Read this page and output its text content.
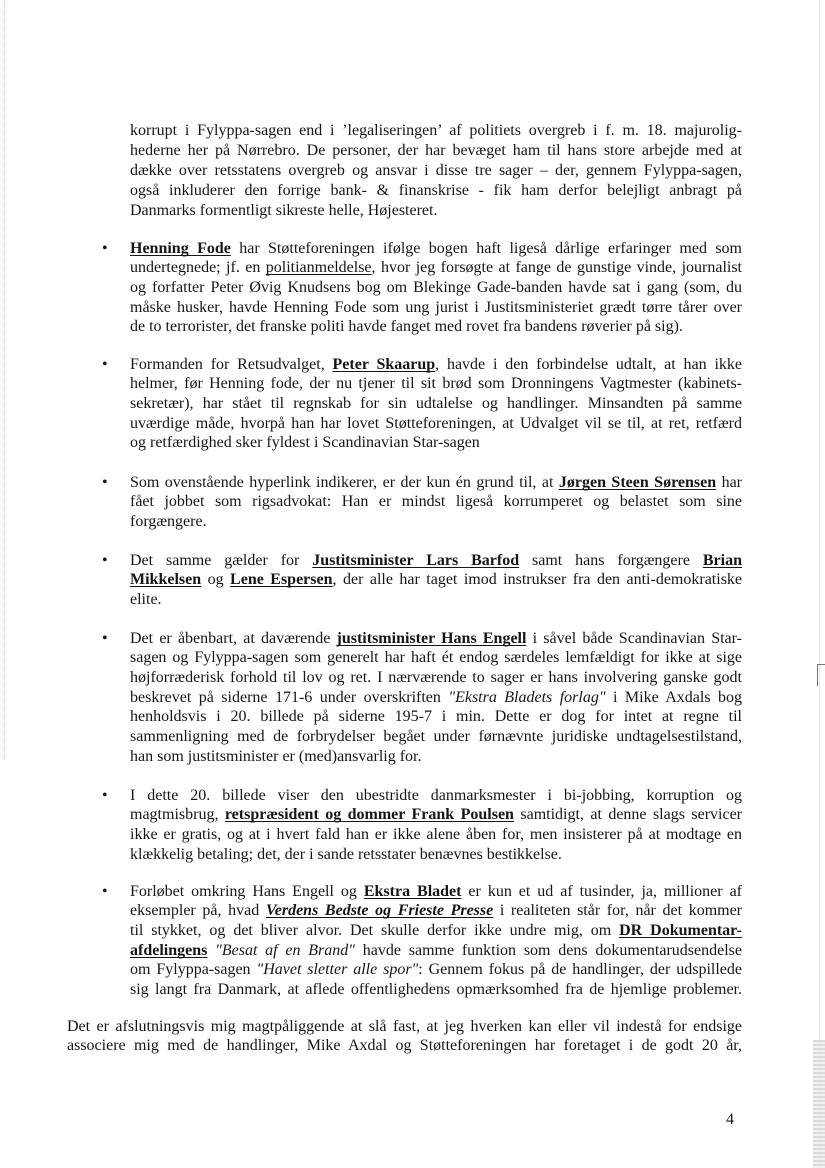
korrupt i Fylyppa-sagen end i ’legaliseringen’ af politiets overgreb i f. m. 18. majurolig-
hederne her på Nørrebro. De personer, der har bevæget ham til hans store arbejde med at
dække over retsstatens overgreb og ansvar i disse tre sager – der, gennem Fylyppa-sagen,
også inkluderer den forrige bank- & finanskrise - fik ham derfor belejligt anbragt på
Danmarks formentligt sikreste helle, Højesteret.
• Henning Fode har Støtteforeningen ifølge bogen haft ligeså dårlige erfaringer med som
undertegnede; jf. en politianmeldelse, hvor jeg forsøgte at fange de gunstige vinde, journalist
og forfatter Peter Øvig Knudsens bog om Blekinge Gade-banden havde sat i gang (som, du
måske husker, havde Henning Fode som ung jurist i Justitsministeriet grædt tørre tårer over
de to terrorister, det franske politi havde fanget med rovet fra bandens røverier på sig).
• Formanden for Retsudvalget, Peter Skaarup, havde i den forbindelse udtalt, at han ikke
helmer, før Henning fode, der nu tjener til sit brød som Dronningens Vagtmester (kabinets-
sekretær), har stået til regnskab for sin udtalelse og handlinger. Minsandten på samme
uværdige måde, hvorpå han har lovet Støtteforeningen, at Udvalget vil se til, at ret, retfærd
og retfærdighed sker fyldest i Scandinavian Star-sagen
• Som ovenstående hyperlink indikerer, er der kun én grund til, at Jørgen Steen Sørensen har
fået jobbet som rigsadvokat: Han er mindst ligeså korrumperet og belastet som sine
forgængere.
• Det samme gælder for Justitsminister Lars Barfod samt hans forgængere Brian
Mikkelsen og Lene Espersen, der alle har taget imod instrukser fra den anti-demokratiske
elite.
• Det er åbenbart, at daværende justitsminister Hans Engell i såvel både Scandinavian Star-
sagen og Fylyppa-sagen som generelt har haft ét endog særdeles lemfældigt for ikke at sige
højforræderisk forhold til lov og ret. I nærværende to sager er hans involvering ganske godt
beskrevet på siderne 171-6 under overskriften "Ekstra Bladets forlag" i Mike Axdals bog
henholdsvis i 20. billede på siderne 195-7 i min. Dette er dog for intet at regne til
sammenligning med de forbrydelser begået under førnævnte juridiske undtagelsestilstand,
han som justitsminister er (med)ansvarlig for.
• I dette 20. billede viser den ubestridte danmarksmester i bi-jobbing, korruption og
magtmisbrug, retspræsident og dommer Frank Poulsen samtidigt, at denne slags servicer
ikke er gratis, og at i hvert fald han er ikke alene åben for, men insisterer på at modtage en
klækkelig betaling; det, der i sande retsstater benævnes bestikkelse.
• Forløbet omkring Hans Engell og Ekstra Bladet er kun et ud af tusinder, ja, millioner af
eksempler på, hvad Verdens Bedste og Frieste Presse i realiteten står for, når det kommer
til stykket, og det bliver alvor. Det skulle derfor ikke undre mig, om DR Dokumentar-
afdelingens "Besat af en Brand" havde samme funktion som dens dokumentarudsendelse
om Fylyppa-sagen "Havet sletter alle spor": Gennem fokus på de handlinger, der udspillede
sig langt fra Danmark, at aflede offentlighedens opmærksomhed fra de hjemlige problemer.
Det er afslutningsvis mig magtpåliggende at slå fast, at jeg hverken kan eller vil indestå for endsige
associere mig med de handlinger, Mike Axdal og Støtteforeningen har foretaget i de godt 20 år,
4
